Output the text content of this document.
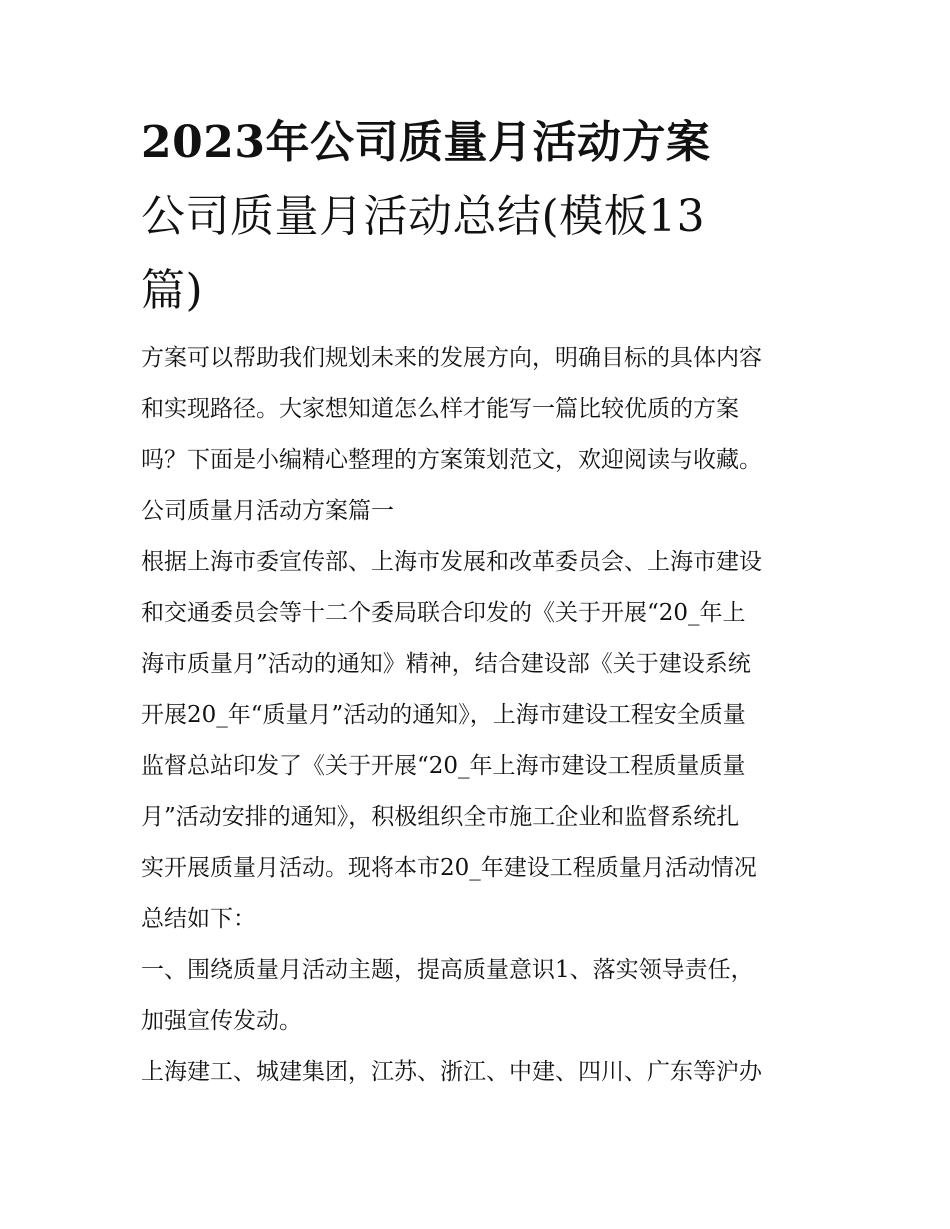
2023年公司质量月活动方案
公司质量月活动总结(模板13
篇)
方案可以帮助我们规划未来的发展方向，明确目标的具体内容
和实现路径。大家想知道怎么样才能写一篇比较优质的方案
吗？下面是小编精心整理的方案策划范文，欢迎阅读与收藏。
公司质量月活动方案篇一
根据上海市委宣传部、上海市发展和改革委员会、上海市建设
和交通委员会等十二个委局联合印发的《关于开展“20_年上
海市质量月”活动的通知》精神，结合建设部《关于建设系统
开展20_年“质量月”活动的通知》，上海市建设工程安全质量
监督总站印发了《关于开展“20_年上海市建设工程质量质量
月”活动安排的通知》，积极组织全市施工企业和监督系统扎
实开展质量月活动。现将本市20_年建设工程质量月活动情况
总结如下：
一、围绕质量月活动主题，提高质量意识1、落实领导责任，
加强宣传发动。
上海建工、城建集团，江苏、浙江、中建、四川、广东等沪办
